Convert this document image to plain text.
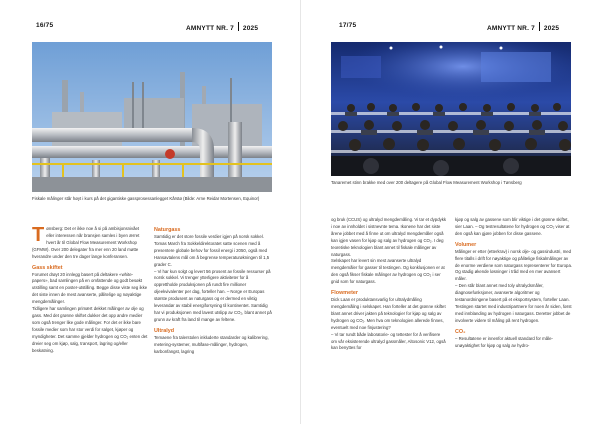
16/75	AMNYTT NR. 7 2025
Fiskale målinger står høyt i kurs på det gigantiske gassprosessanlegget Kårstø (Bilde: Arne Reidar Mortensen, Equinor)

Tønsberg: Det er ikke noe å si på ambisjonsnivået eller interessen når bransjen samles i byen ærret hvert år til Global Flow Measurement Workshop (GFMW). Over 200 delegater fra mer enn 20 land møtte hverandre under den tre dager lange konferansen.

Gass skiftet

Forumet drøyt 20 innlegg basert på deltakere «white-papers», bad samlingen på en omfattende og godt besøkt utstilling samt en poster-utstilling. Begge disse viste seg ikke det siste innen de mest avanserte, pålitelige og nøyaktige mengdemålinger.

Tidligere har samlingen primært dekket målinger av olje og gass. Med det grønne skiftet dukker det opp andre medier som også trenger like gode målinger. For det er ikke bare fossile medier som har stor verdi for salget, kjøper og myndigheter. Det samme gjelder hydrogen og CO₂ enten det dreier seg om kjøp, salg, transport, lagring og/eller beskatning.

Naturgass

Samtidig er det store fossile verdier igjen på norsk sokkel. Tomas March fra Sokkeldirektoratet satte scenen med å presentere globale behov for fossil energi i 2050, også med Hansavtalens mål om å begrense temperaturøkningen til 1,5 grader C.

– Vi har kun solgt og levert 56 prosent av fossile ressurser på norsk sokkel. Vi trenger ytterligere aktiviteter for å opprettholde produksjonen på rundt fire millioner oljeekvivalenter per dag, forteller han. – Norge er Europas største produsent av naturgass og er dermed en viktig leverandør av stabil energiforsyning til kontinentet. Samtidig har vi produksjonen med lavest utslipp av CO₂, blant annet på grunn av kraft fra land til mange av feltene.

Ultralyd

Temaene fra talerstolen inkluderte standarder og kalibrering, metering-systemer, multifase-målinger, hydrogen, karbonfangst, lagring

17/75	AMNYTT NR. 7 2025
Tanaremet stinn brakke med over 200 deltagere på Global Flow Measurement Workshop i Tønsberg

og bruk (CCUS) og ultralyd mengdemåling. Vi tar et dypdykk i noe av innholdet i sistnevnte tema. Ikonene har det siste årene jobbet med å finne ut om ultralyd mengdemåler også kan igjen vasen for kjøp og salg av hydrogen og CO₂. I deg teoretiske teknologien blant annet til fiskale målinger av naturgass.

Selskapet har levert sin mest avanserte ultralyd mengdemåler for gasser til testingen. Og konklusjonen er at den også fikser fiskale målinger av hydrogen og CO₂ i ser gnid som for naturgass.

Flowmeter

Dick Laan er produktansvarlig for ultralydmåling mengdemåling i selskapet. Han forteller at det grønne skiftet blant annet driver jakten på teknologier for kjøp og salg av hydrogen og CO₂. Men hva om teknologien allerede finnes, eventuelt med noe finjustering?

– Vi tar rundt både laboratorie- og tettester for å verifisere om vår eksisterende ultralyd gassmåler, Altosonic V12, også kan benyttes for

kjøp og salg av gassene som blir viktige i det grønne skiftet, sier Laan. – Og testresultatene for hydrogen og CO₂ viser at den også kan gjøre jobben for disse gassene.

Volumer

Målinger er etter (etterkrav) i norsk olje- og gassindustri, med flere titalls i drift for nøyaktige og pålitelige fiskalmålinger av de enorme verdiene som naturgass representerer for Europa. Og stadig økende løsninger i tråd med en mer avansert måler.

– Den står blant annet med toly ultralydsmåler, diagnosefunksjoner, avanserte algoritmer og testanordningene basert på et eksportsystem, forteller Laan.

Testingen startet med industripartnere for noen år siden, først med innblanding av hydrogen i naturgass. Deretter jobbet de involverte videre til måling på rent hydrogen.

CO₂

– Resultatene er innenfor aktuell standard for måle-unøyaktighet for kjøp og salg av hydro-
